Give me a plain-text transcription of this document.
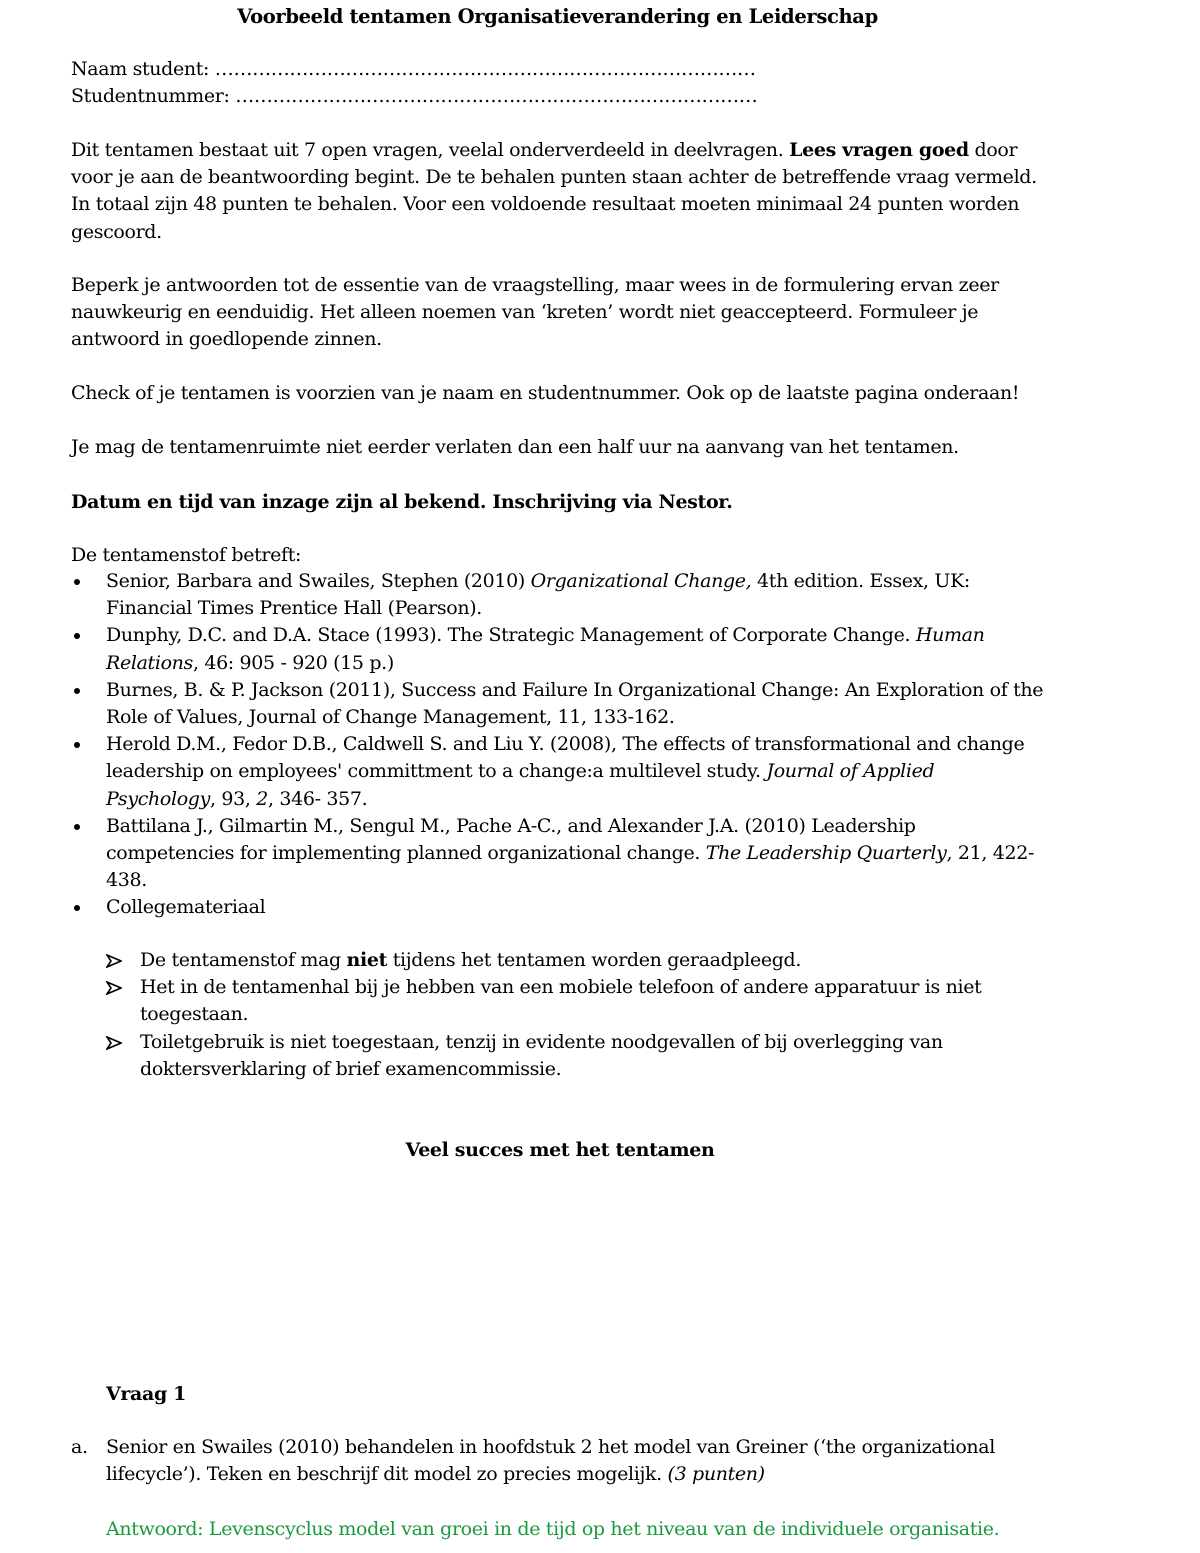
Voorbeeld tentamen Organisatieverandering en Leiderschap
Naam student: ……………………………………………………………………………
Studentnummer: …………………………………………………………………………
Dit tentamen bestaat uit 7 open vragen, veelal onderverdeeld in deelvragen. Lees vragen goed door voor je aan de beantwoording begint. De te behalen punten staan achter de betreffende vraag vermeld. In totaal zijn 48 punten te behalen. Voor een voldoende resultaat moeten minimaal 24 punten worden gescoord.
Beperk je antwoorden tot de essentie van de vraagstelling, maar wees in de formulering ervan zeer nauwkeurig en eenduidig. Het alleen noemen van ‘kreten’ wordt niet geaccepteerd. Formuleer je antwoord in goedlopende zinnen.
Check of je tentamen is voorzien van je naam en studentnummer. Ook op de laatste pagina onderaan!
Je mag de tentamenruimte niet eerder verlaten dan een half uur na aanvang van het tentamen.
Datum en tijd van inzage zijn al bekend. Inschrijving via Nestor.
De tentamenstof betreft:
Senior, Barbara and Swailes, Stephen (2010) Organizational Change, 4th edition. Essex, UK: Financial Times Prentice Hall (Pearson).
Dunphy, D.C. and D.A. Stace (1993). The Strategic Management of Corporate Change. Human Relations, 46: 905 - 920 (15 p.)
Burnes, B. & P. Jackson (2011), Success and Failure In Organizational Change: An Exploration of the Role of Values, Journal of Change Management, 11, 133-162.
Herold D.M., Fedor D.B., Caldwell S. and Liu Y. (2008), The effects of transformational and change leadership on employees' committment to a change:a multilevel study. Journal of Applied Psychology, 93, 2, 346- 357.
Battilana J., Gilmartin M., Sengul M., Pache A-C., and Alexander J.A. (2010) Leadership competencies for implementing planned organizational change. The Leadership Quarterly, 21, 422-438.
Collegemateriaal
De tentamenstof mag niet tijdens het tentamen worden geraadpleegd.
Het in de tentamenhal bij je hebben van een mobiele telefoon of andere apparatuur is niet toegestaan.
Toiletgebruik is niet toegestaan, tenzij in evidente noodgevallen of bij overlegging van doktersverklaring of brief examencommissie.
Veel succes met het tentamen
Vraag 1
a. Senior en Swailes (2010) behandelen in hoofdstuk 2 het model van Greiner (‘the organizational lifecycle’). Teken en beschrijf dit model zo precies mogelijk. (3 punten)
Antwoord: Levenscyclus model van groei in de tijd op het niveau van de individuele organisatie.
